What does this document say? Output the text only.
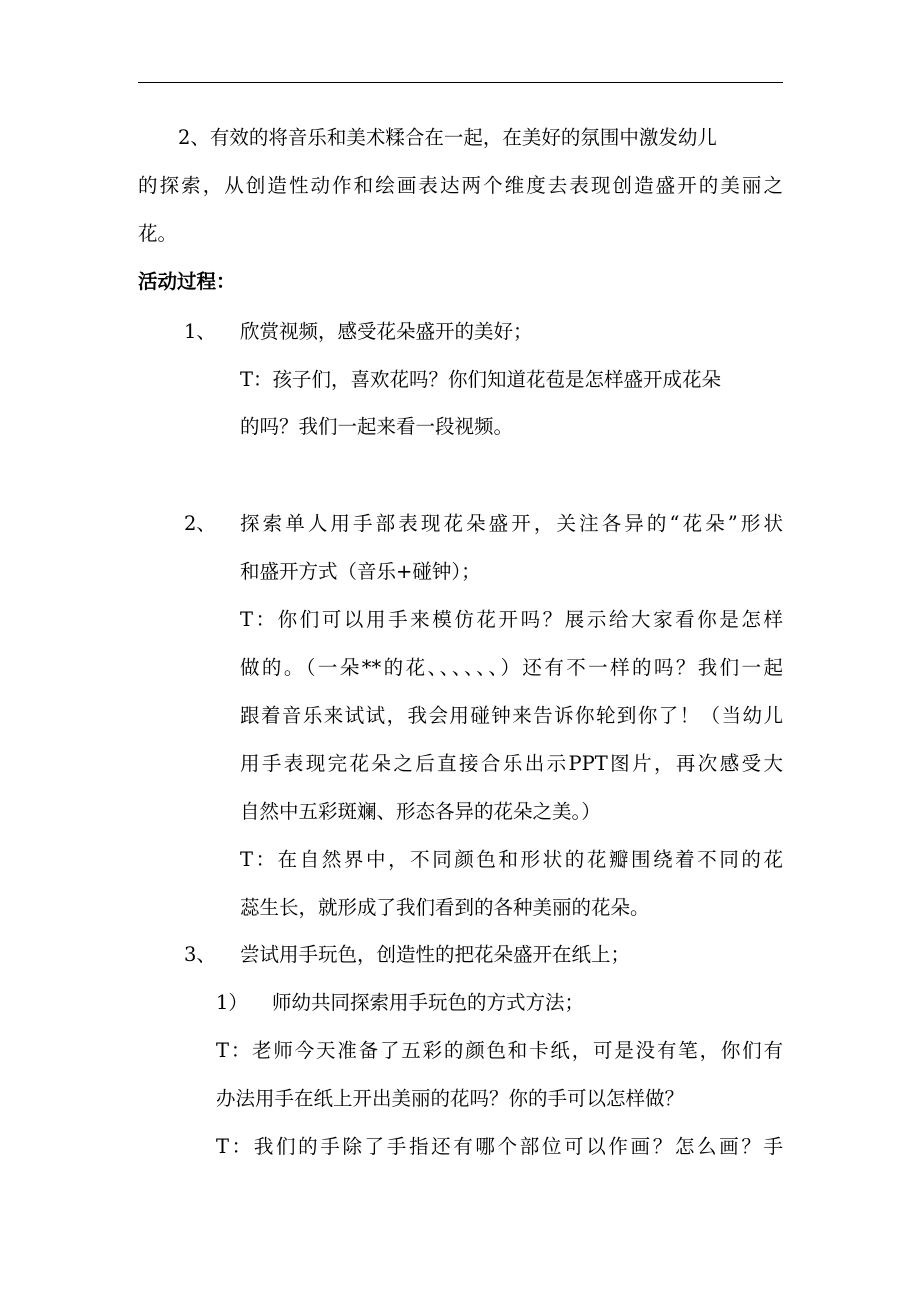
2、有效的将音乐和美术糅合在一起，在美好的氛围中激发幼儿
的探索，从创造性动作和绘画表达两个维度去表现创造盛开的美丽之
花。
活动过程：
1、 欣赏视频，感受花朵盛开的美好；
T：孩子们，喜欢花吗？你们知道花苞是怎样盛开成花朵
的吗？我们一起来看一段视频。
2、 探索单人用手部表现花朵盛开，关注各异的“花朵”形状
和盛开方式（音乐+碰钟）；
T：你们可以用手来模仿花开吗？展示给大家看你是怎样
做的。（一朵**的花、、、、、、）还有不一样的吗？我们一起
跟着音乐来试试，我会用碰钟来告诉你轮到你了！（当幼儿
用手表现完花朵之后直接合乐出示PPT图片，再次感受大
自然中五彩斑斓、形态各异的花朵之美。）
T：在自然界中，不同颜色和形状的花瓣围绕着不同的花
蕊生长，就形成了我们看到的各种美丽的花朵。
3、 尝试用手玩色，创造性的把花朵盛开在纸上；
1） 师幼共同探索用手玩色的方式方法；
T：老师今天准备了五彩的颜色和卡纸，可是没有笔，你们有
办法用手在纸上开出美丽的花吗？你的手可以怎样做？
T：我们的手除了手指还有哪个部位可以作画？怎么画？手
